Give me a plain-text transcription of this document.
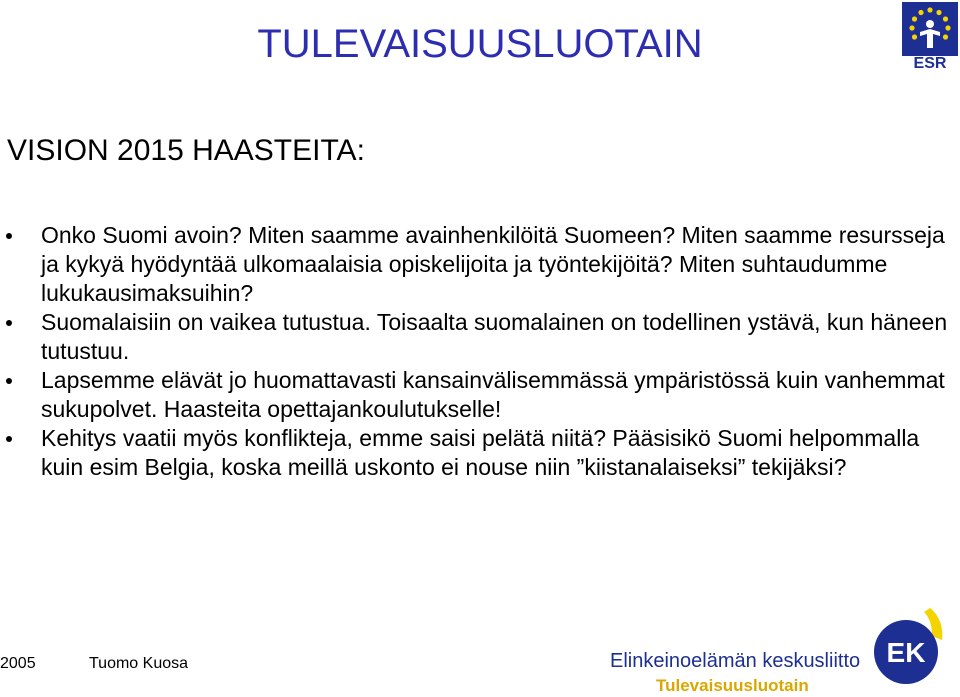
TULEVAISUUSLUOTAIN
VISION 2015 HAASTEITA:
Onko Suomi avoin? Miten saamme avainhenkilöitä Suomeen? Miten saamme resursseja ja kykyä hyödyntää ulkomaalaisia opiskelijoita ja työntekijöitä? Miten suhtaudumme lukukausimaksuihin?
Suomalaisiin on vaikea tutustua. Toisaalta suomalainen on todellinen ystävä, kun häneen tutustuu.
Lapsemme elävät jo huomattavasti kansainvälisemmässä ympäristössä kuin vanhemmat sukupolvet. Haasteita opettajankoulutukselle!
Kehitys vaatii myös konflikteja, emme saisi pelätä niitä? Pääsisikö Suomi helpommalla kuin esim Belgia, koska meillä uskonto ei nouse niin ”kiistanalaiseksi” tekijäksi?
ESR
2005	Tuomo Kuosa	Elinkeinoelämän keskusliitto
Tulevaisuusluotain
EK
